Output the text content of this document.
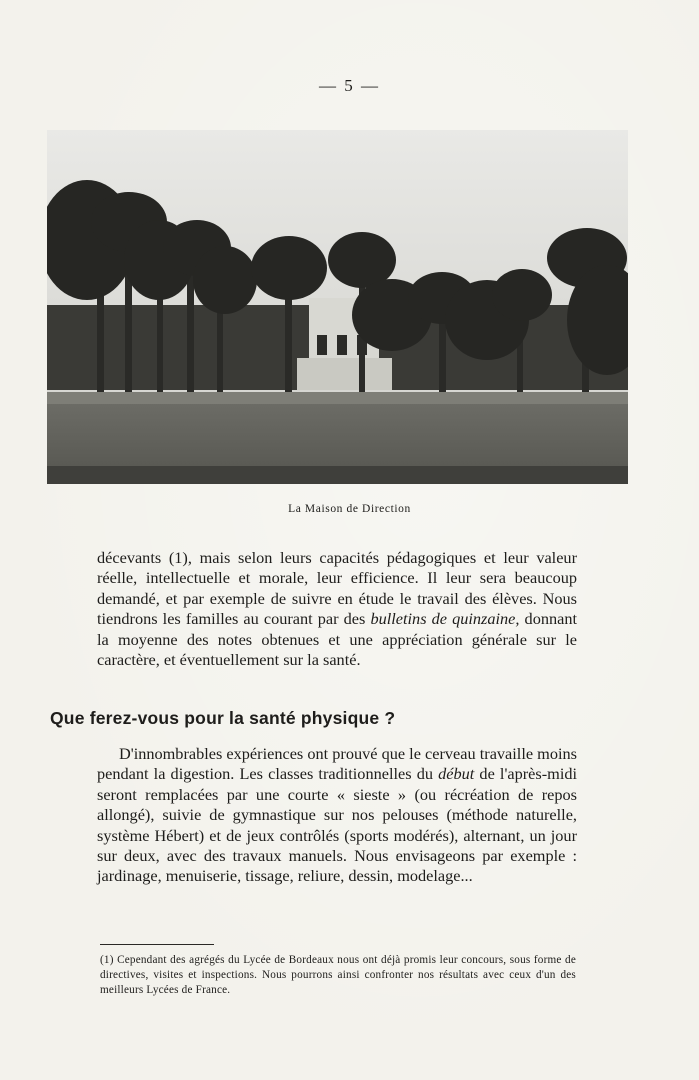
— 5 —
La Maison de Direction

décevants (1), mais selon leurs capacités pédagogiques et leur valeur réelle, intellectuelle et morale, leur efficience. Il leur sera beaucoup demandé, et par exemple de suivre en étude le travail des élèves. Nous tiendrons les familles au courant par des bulletins de quinzaine, donnant la moyenne des notes obtenues et une appréciation générale sur le caractère, et éventuellement sur la santé.

Que ferez-vous pour la santé physique ?

D'innombrables expériences ont prouvé que le cerveau travaille moins pendant la digestion. Les classes traditionnelles du début de l'après-midi seront remplacées par une courte « sieste » (ou récréation de repos allongé), suivie de gymnastique sur nos pelouses (méthode naturelle, système Hébert) et de jeux contrôlés (sports modérés), alternant, un jour sur deux, avec des travaux manuels. Nous envisageons par exemple : jardinage, menuiserie, tissage, reliure, dessin, modelage...

(1) Cependant des agrégés du Lycée de Bordeaux nous ont déjà promis leur concours, sous forme de directives, visites et inspections. Nous pourrons ainsi confronter nos résultats avec ceux d'un des meilleurs Lycées de France.
